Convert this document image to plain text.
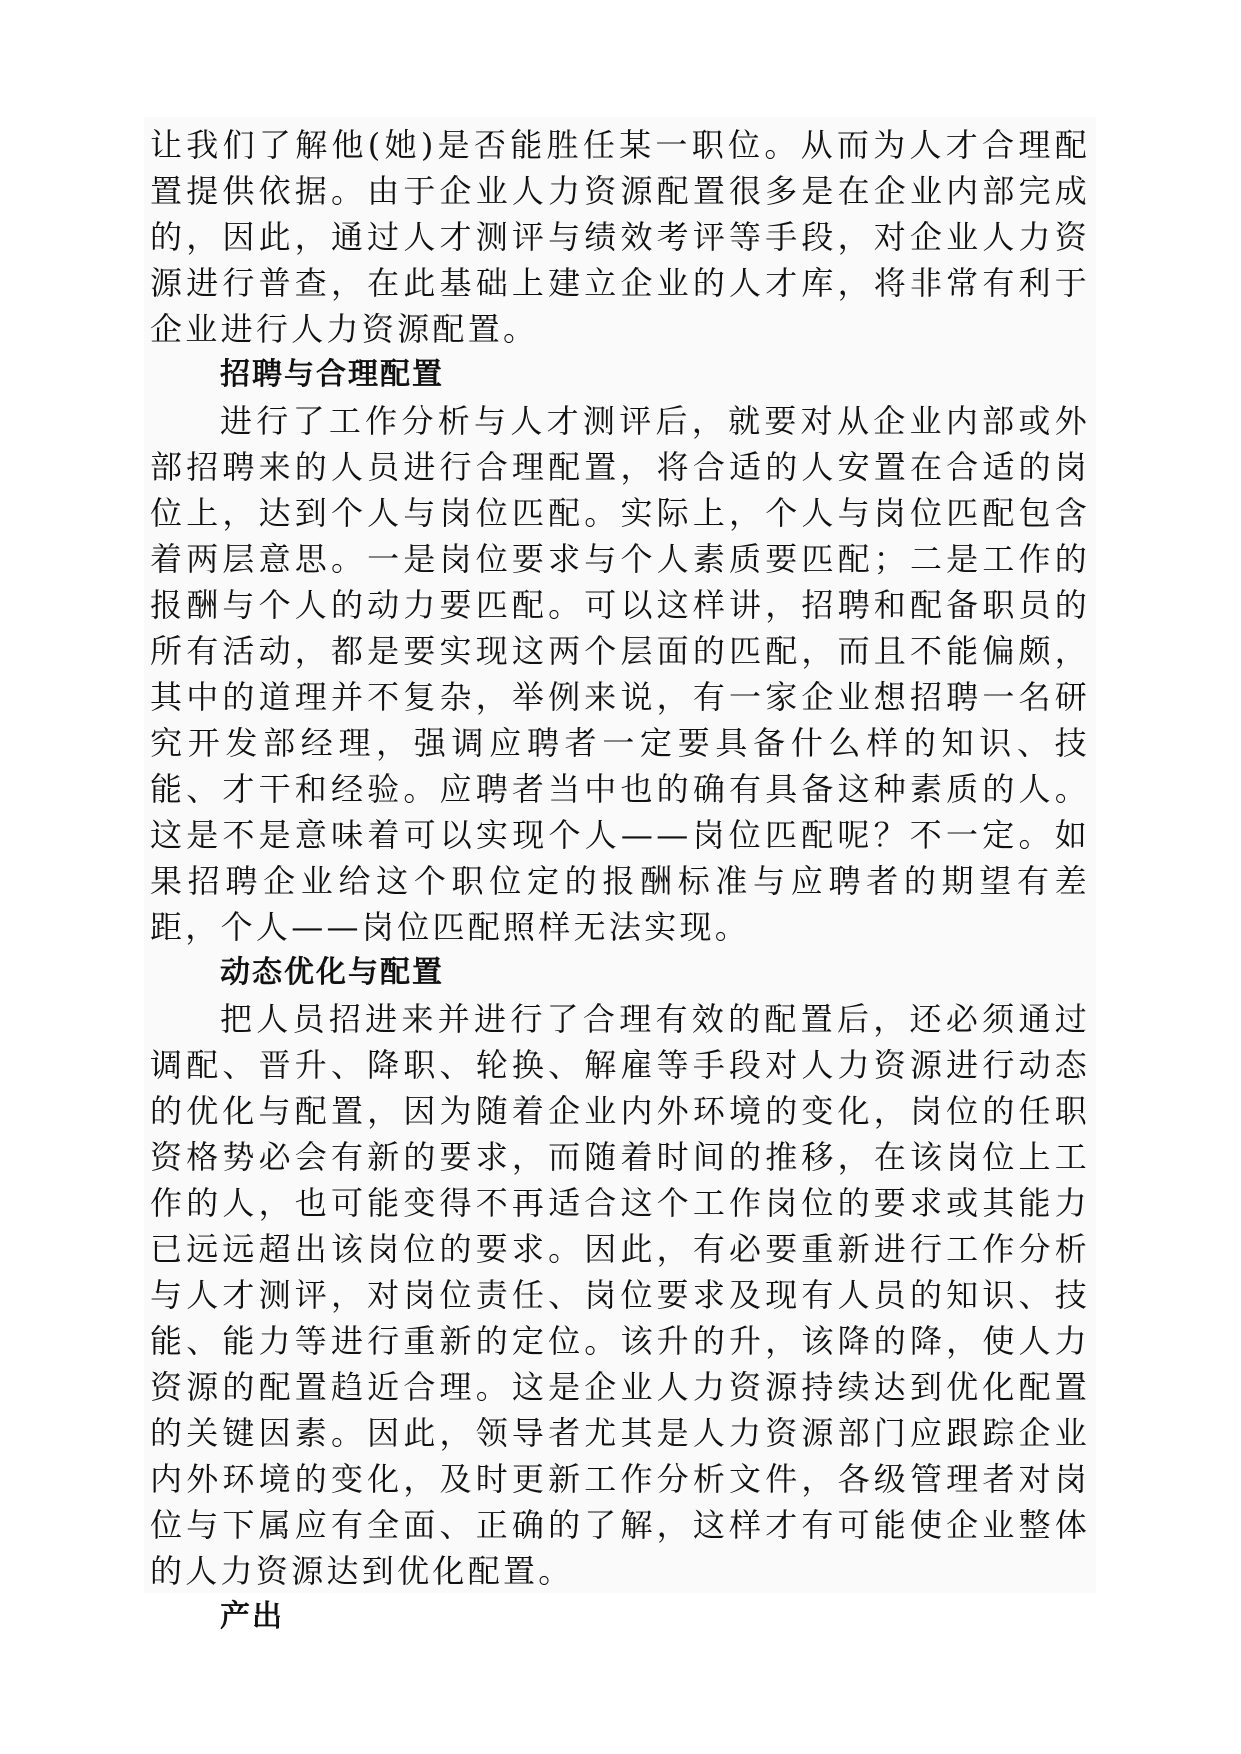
让我们了解他(她)是否能胜任某一职位。从而为人才合理配置提供依据。由于企业人力资源配置很多是在企业内部完成的，因此，通过人才测评与绩效考评等手段，对企业人力资源进行普查，在此基础上建立企业的人才库，将非常有利于企业进行人力资源配置。

招聘与合理配置

进行了工作分析与人才测评后，就要对从企业内部或外部招聘来的人员进行合理配置，将合适的人安置在合适的岗位上，达到个人与岗位匹配。实际上，个人与岗位匹配包含着两层意思。一是岗位要求与个人素质要匹配；二是工作的报酬与个人的动力要匹配。可以这样讲，招聘和配备职员的所有活动，都是要实现这两个层面的匹配，而且不能偏颇，其中的道理并不复杂，举例来说，有一家企业想招聘一名研究开发部经理，强调应聘者一定要具备什么样的知识、技能、才干和经验。应聘者当中也的确有具备这种素质的人。这是不是意味着可以实现个人——岗位匹配呢？不一定。如果招聘企业给这个职位定的报酬标准与应聘者的期望有差距，个人——岗位匹配照样无法实现。

动态优化与配置

把人员招进来并进行了合理有效的配置后，还必须通过调配、晋升、降职、轮换、解雇等手段对人力资源进行动态的优化与配置，因为随着企业内外环境的变化，岗位的任职资格势必会有新的要求，而随着时间的推移，在该岗位上工作的人，也可能变得不再适合这个工作岗位的要求或其能力已远远超出该岗位的要求。因此，有必要重新进行工作分析与人才测评，对岗位责任、岗位要求及现有人员的知识、技能、能力等进行重新的定位。该升的升，该降的降，使人力资源的配置趋近合理。这是企业人力资源持续达到优化配置的关键因素。因此，领导者尤其是人力资源部门应跟踪企业内外环境的变化，及时更新工作分析文件，各级管理者对岗位与下属应有全面、正确的了解，这样才有可能使企业整体的人力资源达到优化配置。

产出
